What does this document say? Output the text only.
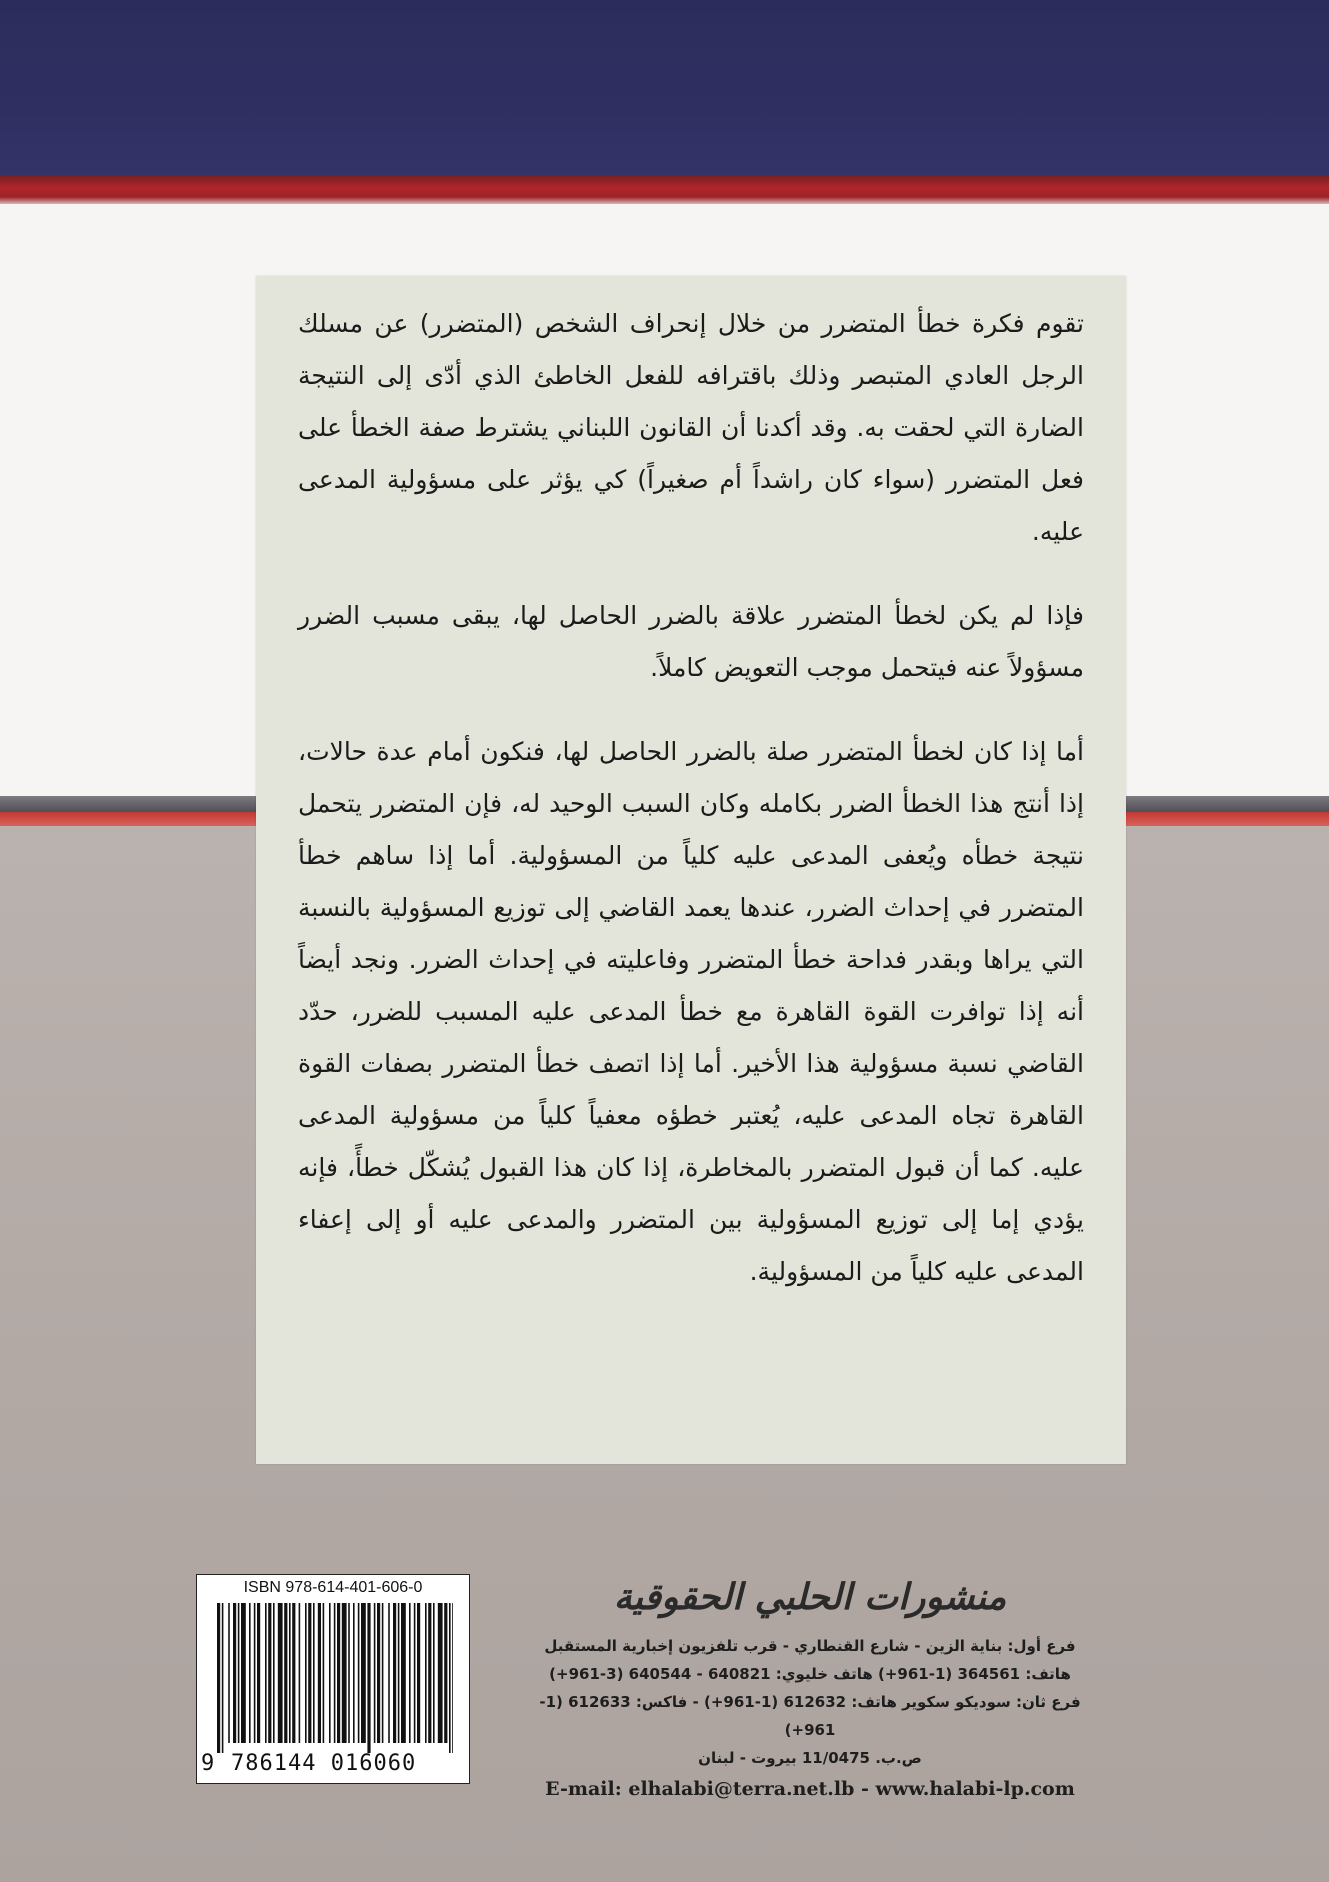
تقوم فكرة خطأ المتضرر من خلال إنحراف الشخص (المتضرر) عن مسلك الرجل العادي المتبصر وذلك باقترافه للفعل الخاطئ الذي أدّى إلى النتيجة الضارة التي لحقت به. وقد أكدنا أن القانون اللبناني يشترط صفة الخطأ على فعل المتضرر (سواء كان راشداً أم صغيراً) كي يؤثر على مسؤولية المدعى عليه.

فإذا لم يكن لخطأ المتضرر علاقة بالضرر الحاصل لها، يبقى مسبب الضرر مسؤولاً عنه فيتحمل موجب التعويض كاملاً.

أما إذا كان لخطأ المتضرر صلة بالضرر الحاصل لها، فنكون أمام عدة حالات، إذا أنتج هذا الخطأ الضرر بكامله وكان السبب الوحيد له، فإن المتضرر يتحمل نتيجة خطأه ويُعفى المدعى عليه كلياً من المسؤولية. أما إذا ساهم خطأ المتضرر في إحداث الضرر، عندها يعمد القاضي إلى توزيع المسؤولية بالنسبة التي يراها وبقدر فداحة خطأ المتضرر وفاعليته في إحداث الضرر. ونجد أيضاً أنه إذا توافرت القوة القاهرة مع خطأ المدعى عليه المسبب للضرر، حدّد القاضي نسبة مسؤولية هذا الأخير. أما إذا اتصف خطأ المتضرر بصفات القوة القاهرة تجاه المدعى عليه، يُعتبر خطؤه معفياً كلياً من مسؤولية المدعى عليه. كما أن قبول المتضرر بالمخاطرة، إذا كان هذا القبول يُشكّل خطأً، فإنه يؤدي إما إلى توزيع المسؤولية بين المتضرر والمدعى عليه أو إلى إعفاء المدعى عليه كلياً من المسؤولية.

ISBN 978-614-401-606-0
9 786144 016060
منشورات الحلبي الحقوقية
فرع أول: بناية الزين - شارع القنطاري - قرب تلفزيون إخبارية المستقبل
هاتف: 364561 (1-961+) هاتف خليوي: 640821 - 640544 (3-961+)
فرع ثان: سوديكو سكوير هاتف: 612632 (1-961+) - فاكس: 612633 (1-961+)
ص.ب. 11/0475 بيروت - لبنان
E-mail: elhalabi@terra.net.lb - www.halabi-lp.com
